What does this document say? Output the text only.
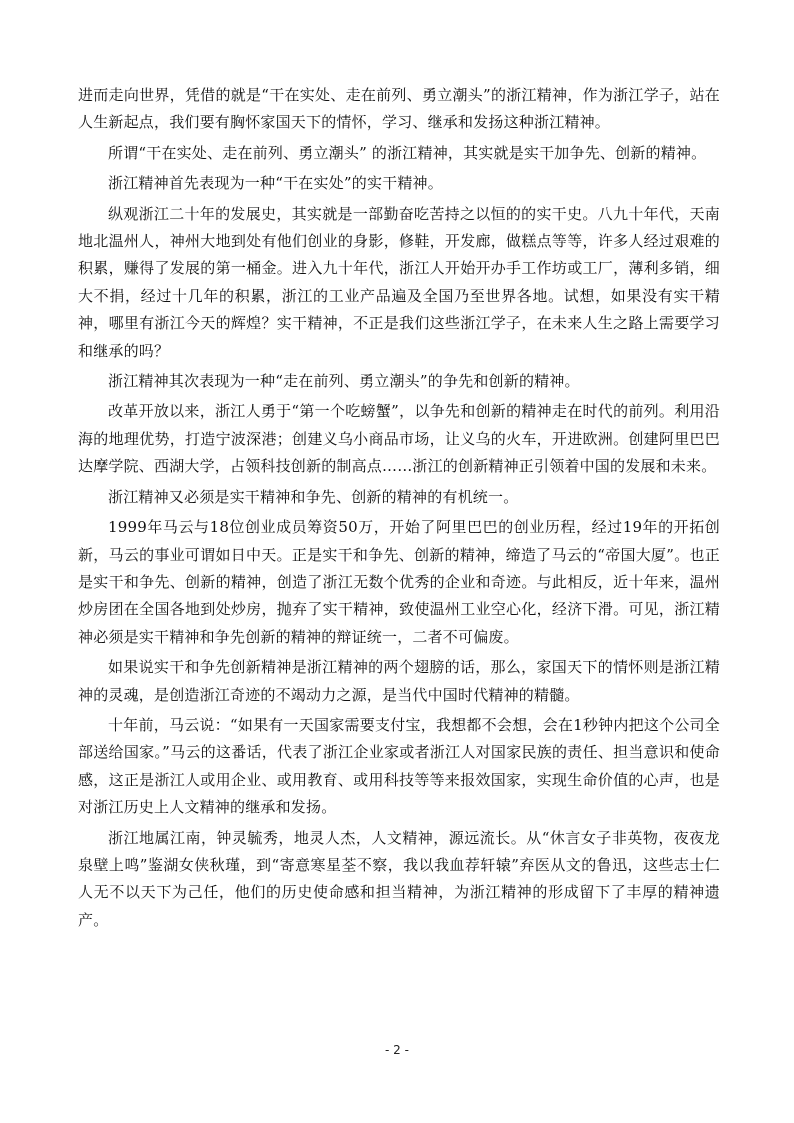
进而走向世界，凭借的就是“干在实处、走在前列、勇立潮头”的浙江精神，作为浙江学子，站在人生新起点，我们要有胸怀家国天下的情怀，学习、继承和发扬这种浙江精神。

所谓“干在实处、走在前列、勇立潮头” 的浙江精神，其实就是实干加争先、创新的精神。

浙江精神首先表现为一种“干在实处”的实干精神。

纵观浙江二十年的发展史，其实就是一部勤奋吃苦持之以恒的的实干史。八九十年代，天南地北温州人，神州大地到处有他们创业的身影，修鞋，开发廊，做糕点等等，许多人经过艰难的积累，赚得了发展的第一桶金。进入九十年代，浙江人开始开办手工作坊或工厂，薄利多销，细大不捐，经过十几年的积累，浙江的工业产品遍及全国乃至世界各地。试想，如果没有实干精神，哪里有浙江今天的辉煌？实干精神，不正是我们这些浙江学子，在未来人生之路上需要学习和继承的吗？

浙江精神其次表现为一种“走在前列、勇立潮头”的争先和创新的精神。

改革开放以来，浙江人勇于“第一个吃螃蟹”，以争先和创新的精神走在时代的前列。利用沿海的地理优势，打造宁波深港；创建义乌小商品市场，让义乌的火车，开进欧洲。创建阿里巴巴达摩学院、西湖大学，占领科技创新的制高点……浙江的创新精神正引领着中国的发展和未来。

浙江精神又必须是实干精神和争先、创新的精神的有机统一。

1999年马云与18位创业成员筹资50万，开始了阿里巴巴的创业历程，经过19年的开拓创新，马云的事业可谓如日中天。正是实干和争先、创新的精神，缔造了马云的“帝国大厦”。也正是实干和争先、创新的精神，创造了浙江无数个优秀的企业和奇迹。与此相反，近十年来，温州炒房团在全国各地到处炒房，抛弃了实干精神，致使温州工业空心化，经济下滑。可见，浙江精神必须是实干精神和争先创新的精神的辩证统一，二者不可偏废。

如果说实干和争先创新精神是浙江精神的两个翅膀的话，那么，家国天下的情怀则是浙江精神的灵魂，是创造浙江奇迹的不竭动力之源，是当代中国时代精神的精髓。

十年前，马云说：“如果有一天国家需要支付宝，我想都不会想，会在1秒钟内把这个公司全部送给国家。”马云的这番话，代表了浙江企业家或者浙江人对国家民族的责任、担当意识和使命感，这正是浙江人或用企业、或用教育、或用科技等等来报效国家，实现生命价值的心声，也是对浙江历史上人文精神的继承和发扬。

浙江地属江南，钟灵毓秀，地灵人杰，人文精神，源远流长。从“休言女子非英物，夜夜龙泉壁上鸣”鉴湖女侠秋瑾，到“寄意寒星荃不察，我以我血荐轩辕”弃医从文的鲁迅，这些志士仁人无不以天下为己任，他们的历史使命感和担当精神，为浙江精神的形成留下了丰厚的精神遗产。

- 2 -
